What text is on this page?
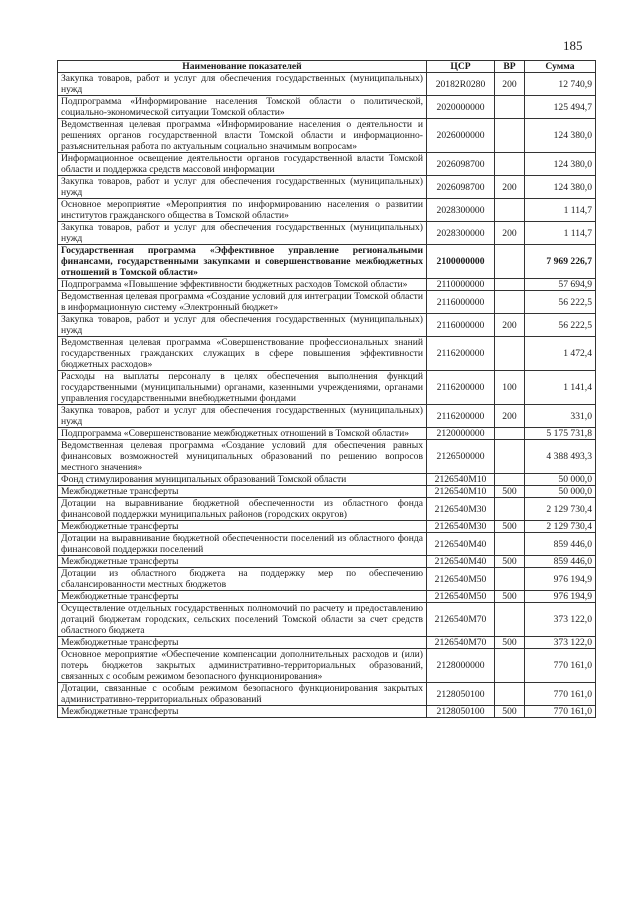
185
Наименование показателей	ЦСР	ВР	Сумма
Закупка товаров, работ и услуг для обеспечения государственных (муниципальных) нужд	20182R0280	200	12 740,9
Подпрограмма «Информирование населения Томской области о политической, социально-экономической ситуации Томской области»	2020000000		125 494,7
Ведомственная целевая программа «Информирование населения о деятельности и решениях органов государственной власти Томской области и информационно-разъяснительная работа по актуальным социально значимым вопросам»	2026000000		124 380,0
Информационное освещение деятельности органов государственной власти Томской области и поддержка средств массовой информации	2026098700		124 380,0
Закупка товаров, работ и услуг для обеспечения государственных (муниципальных) нужд	2026098700	200	124 380,0
Основное мероприятие «Мероприятия по информированию населения о развитии институтов гражданского общества в Томской области»	2028300000		1 114,7
Закупка товаров, работ и услуг для обеспечения государственных (муниципальных) нужд	2028300000	200	1 114,7
Государственная программа «Эффективное управление региональными финансами, государственными закупками и совершенствование межбюджетных отношений в Томской области»	2100000000		7 969 226,7
Подпрограмма «Повышение эффективности бюджетных расходов Томской области»	2110000000		57 694,9
Ведомственная целевая программа «Создание условий для интеграции Томской области в информационную систему «Электронный бюджет»	2116000000		56 222,5
Закупка товаров, работ и услуг для обеспечения государственных (муниципальных) нужд	2116000000	200	56 222,5
Ведомственная целевая программа «Совершенствование профессиональных знаний государственных гражданских служащих в сфере повышения эффективности бюджетных расходов»	2116200000		1 472,4
Расходы на выплаты персоналу в целях обеспечения выполнения функций государственными (муниципальными) органами, казенными учреждениями, органами управления государственными внебюджетными фондами	2116200000	100	1 141,4
Закупка товаров, работ и услуг для обеспечения государственных (муниципальных) нужд	2116200000	200	331,0
Подпрограмма «Совершенствование межбюджетных отношений в Томской области»	2120000000		5 175 731,8
Ведомственная целевая программа «Создание условий для обеспечения равных финансовых возможностей муниципальных образований по решению вопросов местного значения»	2126500000		4 388 493,3
Фонд стимулирования муниципальных образований Томской области	2126540M10		50 000,0
Межбюджетные трансферты	2126540M10	500	50 000,0
Дотации на выравнивание бюджетной обеспеченности из областного фонда финансовой поддержки муниципальных районов (городских округов)	2126540M30		2 129 730,4
Межбюджетные трансферты	2126540M30	500	2 129 730,4
Дотации на выравнивание бюджетной обеспеченности поселений из областного фонда финансовой поддержки поселений	2126540M40		859 446,0
Межбюджетные трансферты	2126540M40	500	859 446,0
Дотации из областного бюджета на поддержку мер по обеспечению сбалансированности местных бюджетов	2126540M50		976 194,9
Межбюджетные трансферты	2126540M50	500	976 194,9
Осуществление отдельных государственных полномочий по расчету и предоставлению дотаций бюджетам городских, сельских поселений Томской области за счет средств областного бюджета	2126540M70		373 122,0
Межбюджетные трансферты	2126540M70	500	373 122,0
Основное мероприятие «Обеспечение компенсации дополнительных расходов и (или) потерь бюджетов закрытых административно-территориальных образований, связанных с особым режимом безопасного функционирования»	2128000000		770 161,0
Дотации, связанные с особым режимом безопасного функционирования закрытых административно-территориальных образований	2128050100		770 161,0
Межбюджетные трансферты	2128050100	500	770 161,0
